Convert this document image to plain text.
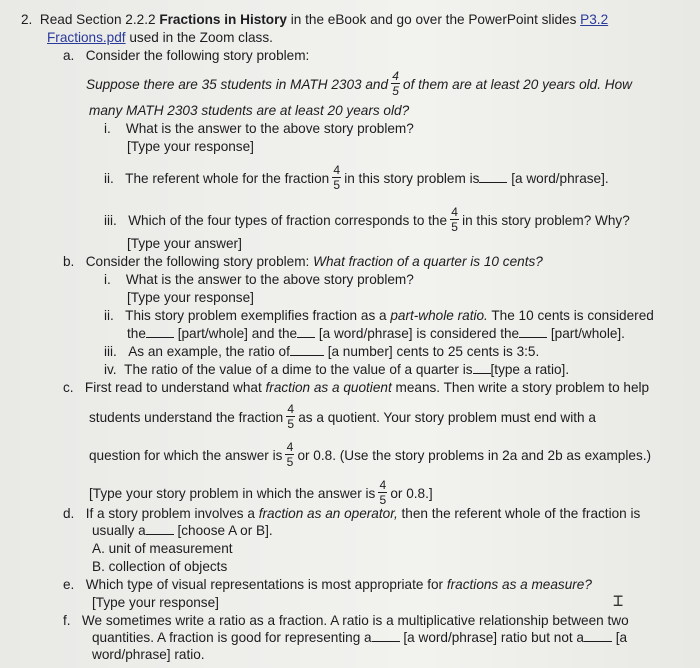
2. Read Section 2.2.2 Fractions in History in the eBook and go over the PowerPoint slides P3.2
Fractions.pdf used in the Zoom class.
a. Consider the following story problem:
Suppose there are 35 students in MATH 2303 and $\frac{4}{5}$ of them are at least 20 years old. How
many MATH 2303 students are at least 20 years old?
i. What is the answer to the above story problem?
[Type your response]
ii. The referent whole for the fraction $\frac{4}{5}$ in this story problem is [a word/phrase].
iii. Which of the four types of fraction corresponds to the $\frac{4}{5}$ in this story problem? Why?
[Type your answer]
b. Consider the following story problem: What fraction of a quarter is 10 cents?
i. What is the answer to the above story problem?
[Type your response]
ii. This story problem exemplifies fraction as a part-whole ratio. The 10 cents is considered
the [part/whole] and the [a word/phrase] is considered the [part/whole].
iii. As an example, the ratio of	[a number] cents to 25 cents is 3:5.
iv. The ratio of the value of a dime to the value of a quarter is [type a ratio].
c. First read to understand what fraction as a quotient means. Then write a story problem to help
students understand the fraction $\frac{4}{5}$ as a quotient. Your story problem must end with a
question for which the answer is $\frac{4}{5}$ or 0.8. (Use the story problems in 2a and 2b as examples.)
[Type your story problem in which the answer is $\frac{4}{5}$ or 0.8.]
d. If a story problem involves a fraction as an operator, then the referent whole of the fraction is
usually a [choose A or B].
A. unit of measurement
B. collection of objects
e. Which type of visual representations is most appropriate for fractions as a measure?
[Type your response]
f. We sometimes write a ratio as a fraction. A ratio is a multiplicative relationship between two
quantities. A fraction is good for representing a [a word/phrase] ratio but not a [a
word/phrase] ratio.
⌶
